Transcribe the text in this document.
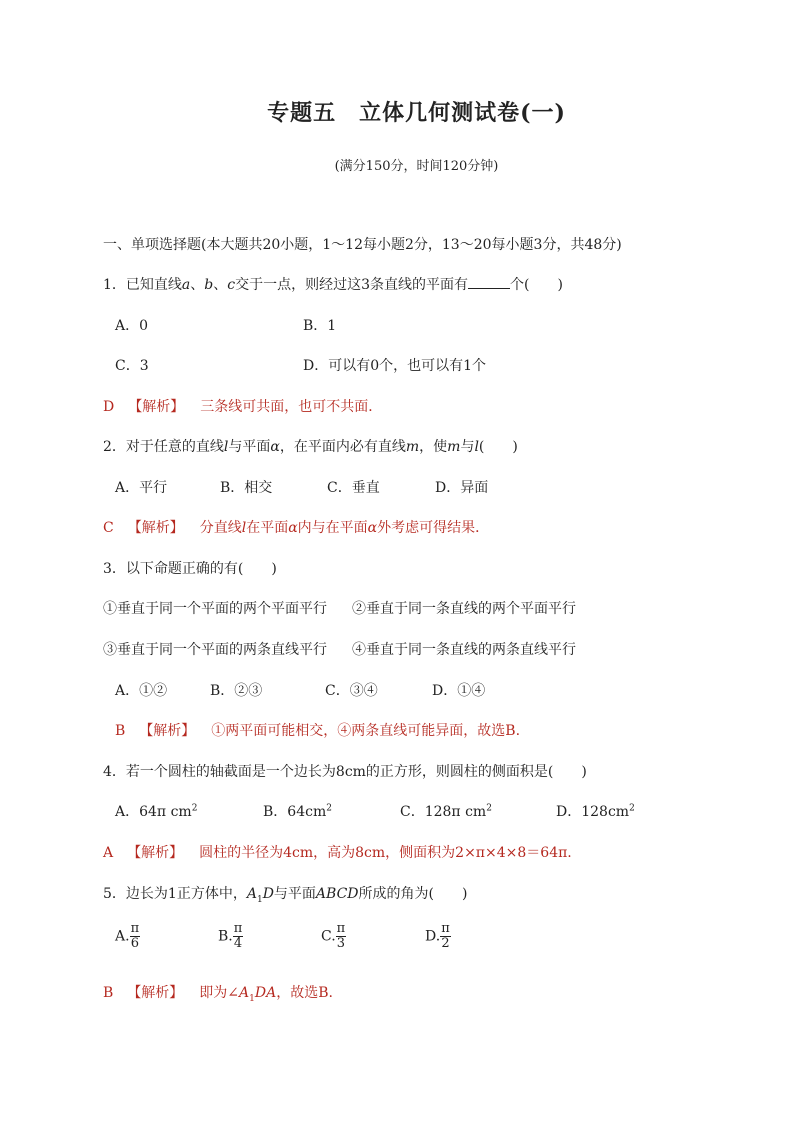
专题五　立体几何测试卷(一)
(满分150分，时间120分钟)
一、单项选择题(本大题共20小题，1～12每小题2分，13～20每小题3分，共48分)
1．已知直线a、b、c交于一点，则经过这3条直线的平面有	个(　　)
A．0	B．1
C．3	D．可以有0个，也可以有1个
D 【解析】 三条线可共面，也可不共面．
2．对于任意的直线l与平面α，在平面内必有直线m，使m与l(　　)
A．平行	B．相交	C．垂直	D．异面
C 【解析】 分直线l在平面α内与在平面α外考虑可得结果．
3．以下命题正确的有(　　)
①垂直于同一个平面的两个平面平行 ②垂直于同一条直线的两个平面平行
③垂直于同一个平面的两条直线平行 ④垂直于同一条直线的两条直线平行
A．①②	B．②③	C．③④	D．①④
B 【解析】 ①两平面可能相交，④两条直线可能异面，故选B.
4．若一个圆柱的轴截面是一个边长为8cm的正方形，则圆柱的侧面积是(　　)
A．64π $cm^2$	B．$64cm^2$	C．128π $cm^2$	D．$128cm^2$
A 【解析】 圆柱的半径为4cm，高为8cm，侧面积为2×π×4×8＝64π.
5．边长为1正方体中，$A_1D$与平面ABCD所成的角为(　　)
A. $\frac{\pi}{6}$	B. $\frac{\pi}{4}$	C. $\frac{\pi}{3}$	D. $\frac{\pi}{2}$
B 【解析】 即为$\angle A_1DA$，故选B.
